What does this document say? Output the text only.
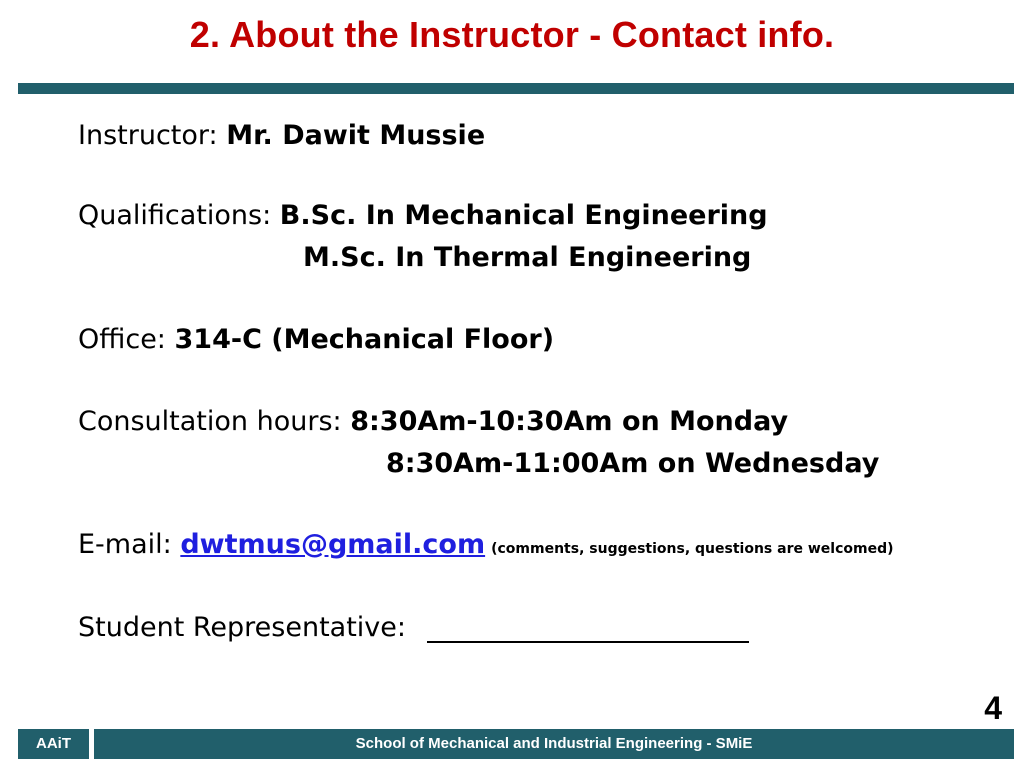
2. About the Instructor - Contact info.
Instructor: Mr. Dawit Mussie
Qualifications: B.Sc. In Mechanical Engineering
M.Sc. In Thermal Engineering
Office: 314-C (Mechanical Floor)
Consultation hours: 8:30Am-10:30Am on Monday
8:30Am-11:00Am on Wednesday
E-mail: dwtmus@gmail.com (comments, suggestions, questions are welcomed)
Student Representative:
4
AAiT	School of Mechanical and Industrial Engineering - SMiE
